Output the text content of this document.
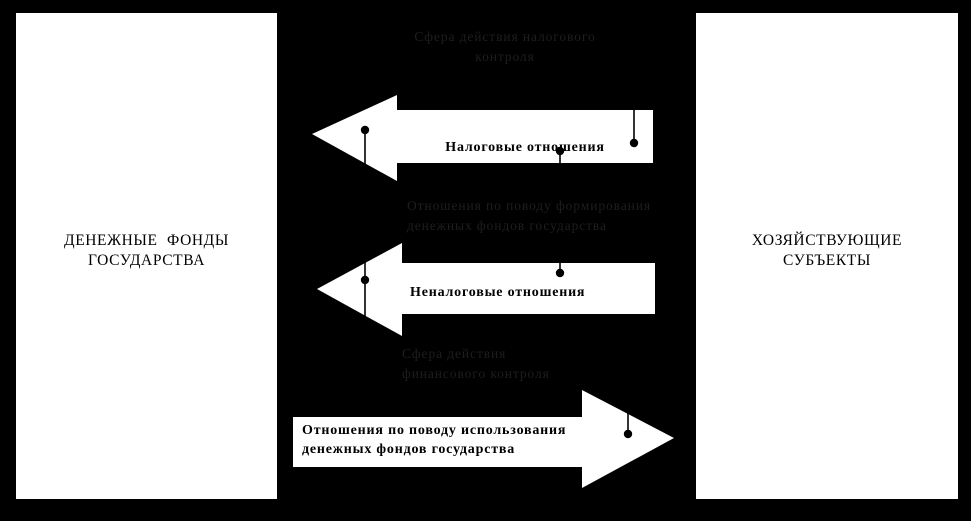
ДЕНЕЖНЫЕ ФОНДЫ
ГОСУДАРСТВА
ХОЗЯЙСТВУЮЩИЕ
СУБЪЕКТЫ
Налоговые отношения
Неналоговые отношения
Отношения по поводу использования
денежных фондов государства
Сфера действия налогового
контроля
Отношения по поводу формирования
денежных фондов государства
Сфера действия
финансового контроля
